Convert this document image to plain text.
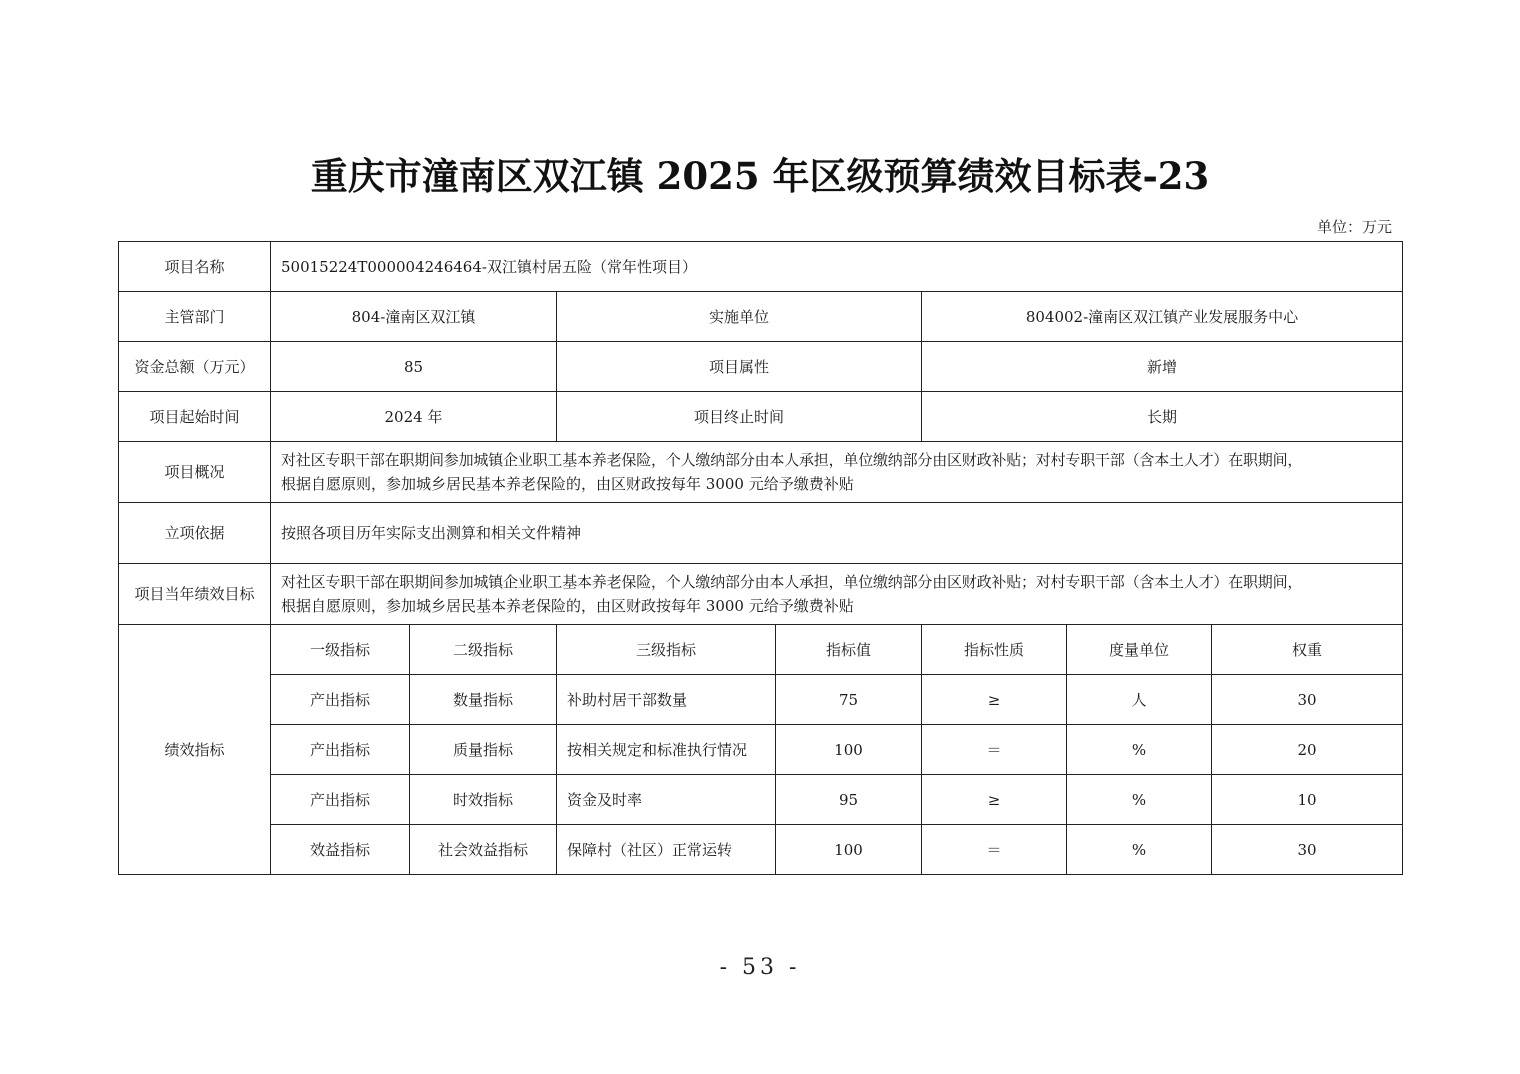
重庆市潼南区双江镇 2025 年区级预算绩效目标表-23
单位：万元
项目名称	50015224T000004246464-双江镇村居五险（常年性项目）						
主管部门	804-潼南区双江镇		实施单位		804002-潼南区双江镇产业发展服务中心		
资金总额（万元）	85		项目属性		新增		
项目起始时间	2024 年		项目终止时间		长期		
项目概况	对社区专职干部在职期间参加城镇企业职工基本养老保险，个人缴纳部分由本人承担，单位缴纳部分由区财政补贴；对村专职干部（含本土人才）在职期间，
根据自愿原则，参加城乡居民基本养老保险的，由区财政按每年 3000 元给予缴费补贴						

立项依据	按照各项目历年实际支出测算和相关文件精神						
项目当年绩效目标	对社区专职干部在职期间参加城镇企业职工基本养老保险，个人缴纳部分由本人承担，单位缴纳部分由区财政补贴；对村专职干部（含本土人才）在职期间，
根据自愿原则，参加城乡居民基本养老保险的，由区财政按每年 3000 元给予缴费补贴						

绩效指标	一级指标	二级指标	三级指标	指标值	指标性质	度量单位	权重
	产出指标	数量指标	补助村居干部数量	75	≥	人	30
	产出指标	质量指标	按相关规定和标准执行情况	100	＝	%	20
	产出指标	时效指标	资金及时率	95	≥	%	10
	效益指标	社会效益指标	保障村（社区）正常运转	100	＝	%	30
- 53 -
